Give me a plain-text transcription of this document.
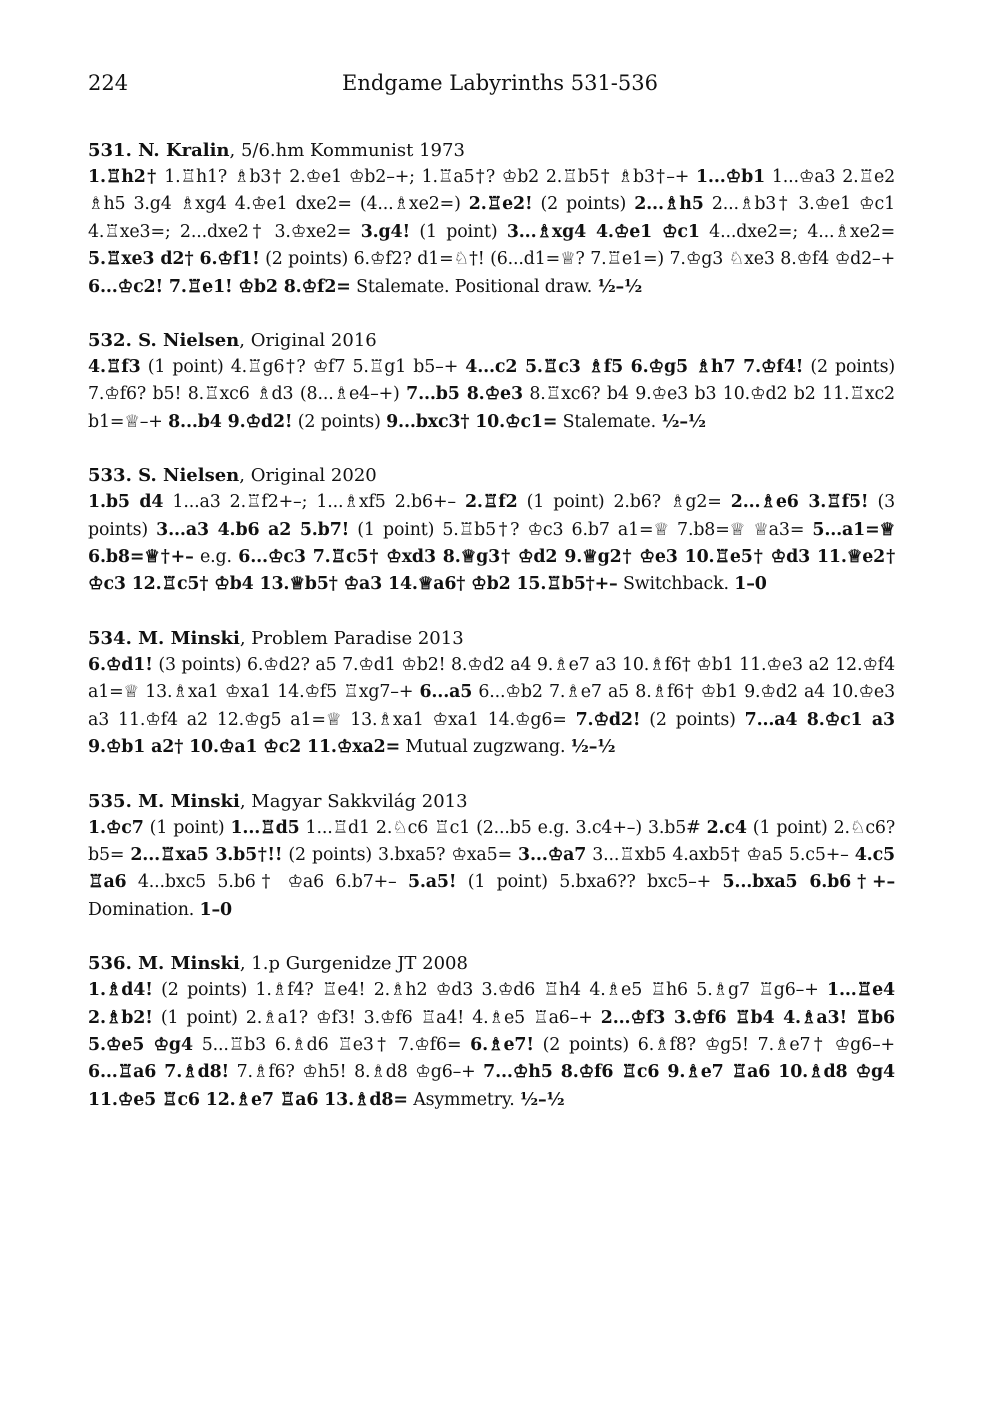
224	Endgame Labyrinths 531-536
531. N. Kralin, 5/6.hm Kommunist 1973
1.♖h2† 1.♖h1? ♗b3† 2.♔e1 ♔b2–+; 1.♖a5†? ♔b2 2.♖b5† ♗b3†–+ 1...♔b1 1...♔a3 2.♖e2 ♗h5 3.g4 ♗xg4 4.♔e1 dxe2= (4...♗xe2=) 2.♖e2! (2 points) 2...♗h5 2...♗b3† 3.♔e1 ♔c1 4.♖xe3=; 2...dxe2† 3.♔xe2= 3.g4! (1 point) 3...♗xg4 4.♔e1 ♔c1 4...dxe2=; 4...♗xe2= 5.♖xe3 d2† 6.♔f1! (2 points) 6.♔f2? d1=♘†! (6...d1=♕? 7.♖e1=) 7.♔g3 ♘xe3 8.♔f4 ♔d2–+ 6...♔c2! 7.♖e1! ♔b2 8.♔f2= Stalemate. Positional draw. ½–½
532. S. Nielsen, Original 2016
4.♖f3 (1 point) 4.♖g6†? ♔f7 5.♖g1 b5–+ 4...c2 5.♖c3 ♗f5 6.♔g5 ♗h7 7.♔f4! (2 points) 7.♔f6? b5! 8.♖xc6 ♗d3 (8...♗e4–+) 7...b5 8.♔e3 8.♖xc6? b4 9.♔e3 b3 10.♔d2 b2 11.♖xc2 b1=♕–+ 8...b4 9.♔d2! (2 points) 9...bxc3† 10.♔c1= Stalemate. ½–½
533. S. Nielsen, Original 2020
1.b5 d4 1...a3 2.♖f2+–; 1...♗xf5 2.b6+– 2.♖f2 (1 point) 2.b6? ♗g2= 2...♗e6 3.♖f5! (3 points) 3...a3 4.b6 a2 5.b7! (1 point) 5.♖b5†? ♔c3 6.b7 a1=♕ 7.b8=♕ ♕a3= 5...a1=♕ 6.b8=♕†+– e.g. 6...♔c3 7.♖c5† ♔xd3 8.♕g3† ♔d2 9.♕g2† ♔e3 10.♖e5† ♔d3 11.♕e2† ♔c3 12.♖c5† ♔b4 13.♕b5† ♔a3 14.♕a6† ♔b2 15.♖b5†+– Switchback. 1–0
534. M. Minski, Problem Paradise 2013
6.♔d1! (3 points) 6.♔d2? a5 7.♔d1 ♔b2! 8.♔d2 a4 9.♗e7 a3 10.♗f6† ♔b1 11.♔e3 a2 12.♔f4 a1=♕ 13.♗xa1 ♔xa1 14.♔f5 ♖xg7–+ 6...a5 6...♔b2 7.♗e7 a5 8.♗f6† ♔b1 9.♔d2 a4 10.♔e3 a3 11.♔f4 a2 12.♔g5 a1=♕ 13.♗xa1 ♔xa1 14.♔g6= 7.♔d2! (2 points) 7...a4 8.♔c1 a3 9.♔b1 a2† 10.♔a1 ♔c2 11.♔xa2= Mutual zugzwang. ½–½
535. M. Minski, Magyar Sakkvilág 2013
1.♔c7 (1 point) 1...♖d5 1...♖d1 2.♘c6 ♖c1 (2...b5 e.g. 3.c4+–) 3.b5# 2.c4 (1 point) 2.♘c6? b5= 2...♖xa5 3.b5†!! (2 points) 3.bxa5? ♔xa5= 3...♔a7 3...♖xb5 4.axb5† ♔a5 5.c5+– 4.c5 ♖a6 4...bxc5 5.b6† ♔a6 6.b7+– 5.a5! (1 point) 5.bxa6?? bxc5–+ 5...bxa5 6.b6†+– Domination. 1–0
536. M. Minski, 1.p Gurgenidze JT 2008
1.♗d4! (2 points) 1.♗f4? ♖e4! 2.♗h2 ♔d3 3.♔d6 ♖h4 4.♗e5 ♖h6 5.♗g7 ♖g6–+ 1...♖e4 2.♗b2! (1 point) 2.♗a1? ♔f3! 3.♔f6 ♖a4! 4.♗e5 ♖a6–+ 2...♔f3 3.♔f6 ♖b4 4.♗a3! ♖b6 5.♔e5 ♔g4 5...♖b3 6.♗d6 ♖e3† 7.♔f6= 6.♗e7! (2 points) 6.♗f8? ♔g5! 7.♗e7† ♔g6–+ 6...♖a6 7.♗d8! 7.♗f6? ♔h5! 8.♗d8 ♔g6–+ 7...♔h5 8.♔f6 ♖c6 9.♗e7 ♖a6 10.♗d8 ♔g4 11.♔e5 ♖c6 12.♗e7 ♖a6 13.♗d8= Asymmetry. ½–½
